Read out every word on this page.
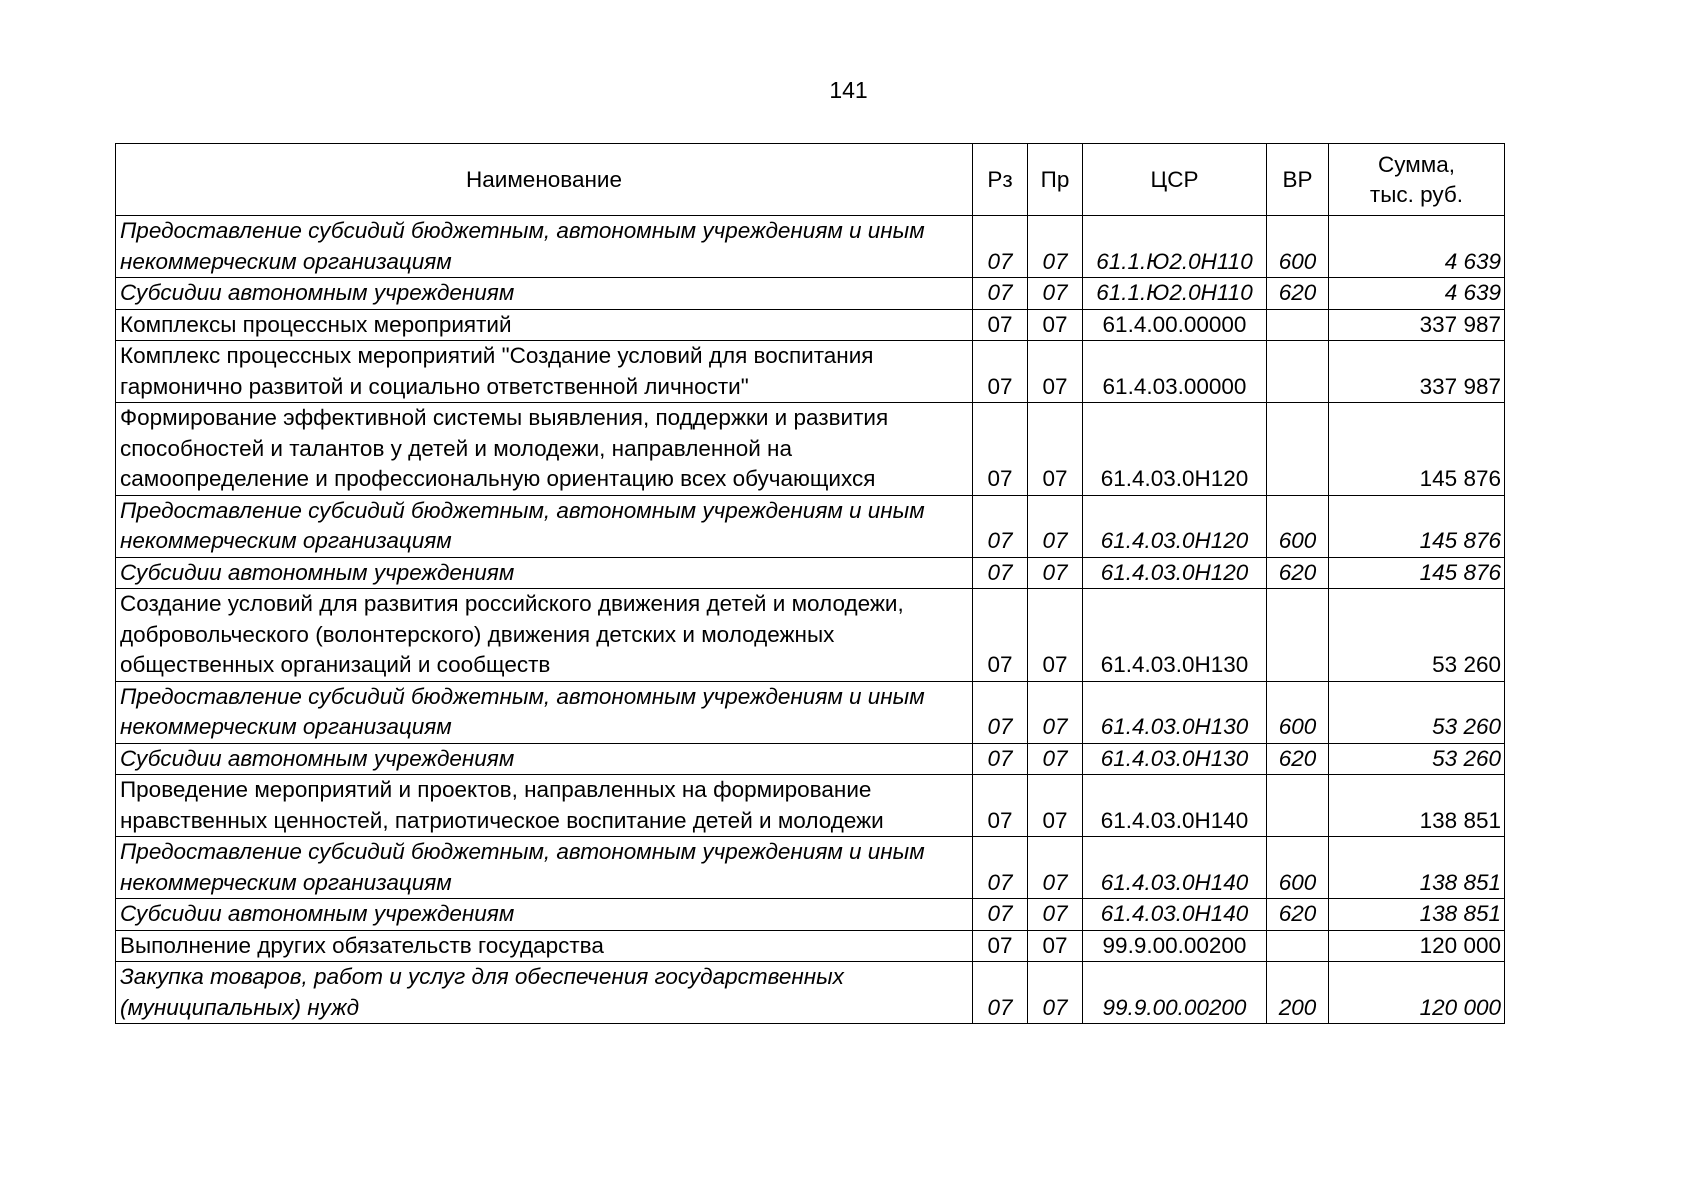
141
Наименование	Рз	Пр	ЦСР	ВР	Сумма,
тыс. руб.
Предоставление субсидий бюджетным, автономным учреждениям и иным некоммерческим организациям	07	07	61.1.Ю2.0Н110	600	4 639
Субсидии автономным учреждениям	07	07	61.1.Ю2.0Н110	620	4 639
Комплексы процессных мероприятий	07	07	61.4.00.00000		337 987
Комплекс процессных мероприятий "Создание условий для воспитания гармонично развитой и социально ответственной личности"	07	07	61.4.03.00000		337 987
Формирование эффективной системы выявления, поддержки и развития способностей и талантов у детей и молодежи, направленной на самоопределение и профессиональную ориентацию всех обучающихся	07	07	61.4.03.0Н120		145 876
Предоставление субсидий бюджетным, автономным учреждениям и иным некоммерческим организациям	07	07	61.4.03.0Н120	600	145 876
Субсидии автономным учреждениям	07	07	61.4.03.0Н120	620	145 876
Создание условий для развития российского движения детей и молодежи, добровольческого (волонтерского) движения детских и молодежных общественных организаций и сообществ	07	07	61.4.03.0Н130		53 260
Предоставление субсидий бюджетным, автономным учреждениям и иным некоммерческим организациям	07	07	61.4.03.0Н130	600	53 260
Субсидии автономным учреждениям	07	07	61.4.03.0Н130	620	53 260
Проведение мероприятий и проектов, направленных на формирование нравственных ценностей, патриотическое воспитание детей и молодежи	07	07	61.4.03.0Н140		138 851
Предоставление субсидий бюджетным, автономным учреждениям и иным некоммерческим организациям	07	07	61.4.03.0Н140	600	138 851
Субсидии автономным учреждениям	07	07	61.4.03.0Н140	620	138 851
Выполнение других обязательств государства	07	07	99.9.00.00200		120 000
Закупка товаров, работ и услуг для обеспечения государственных (муниципальных) нужд	07	07	99.9.00.00200	200	120 000
